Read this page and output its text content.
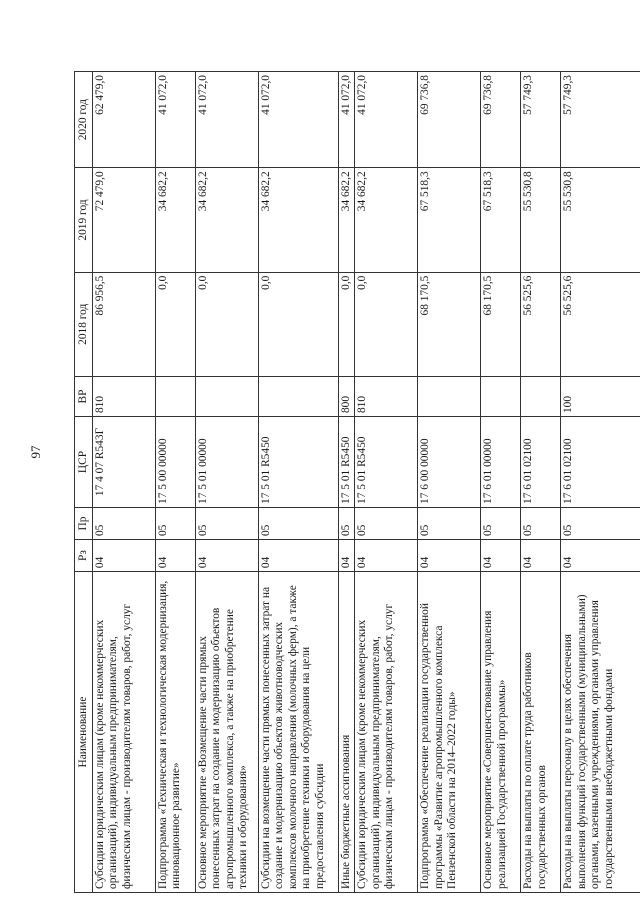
97
Наименование	Рз	Пр	ЦСР	ВР	2018 год	2019 год	2020 год
Субсидии юридическим лицам (кроме некоммерческих организаций), индивидуальным предпринимателям, физическим лицам - производителям товаров, работ, услуг	04	05	17 4 07 R543Г	810	86 956,5	72 479,0	62 479,0
Подпрограмма «Техническая и технологическая модернизация, инновационное развитие»	04	05	17 5 00 00000		0,0	34 682,2	41 072,0
Основное мероприятие «Возмещение части прямых понесенных затрат на создание и модернизацию объектов агропромышленного комплекса, а также на приобретение техники и оборудования»	04	05	17 5 01 00000		0,0	34 682,2	41 072,0
Субсидии на возмещение части прямых понесенных затрат на создание и модернизацию объектов животноводческих комплексов молочного направления (молочных ферм), а также на приобретение техники и оборудования на цели предоставления субсидии	04	05	17 5 01 R5450		0,0	34 682,2	41 072,0
Иные бюджетные ассигнования	04	05	17 5 01 R5450	800	0,0	34 682,2	41 072,0
Субсидии юридическим лицам (кроме некоммерческих организаций), индивидуальным предпринимателям, физическим лицам - производителям товаров, работ, услуг	04	05	17 5 01 R5450	810	0,0	34 682,2	41 072,0
Подпрограмма «Обеспечение реализации государственной программы «Развитие агропромышленного комплекса Пензенской области на 2014–2022 годы»	04	05	17 6 00 00000		68 170,5	67 518,3	69 736,8
Основное мероприятие «Совершенствование управления реализацией Государственной программы»	04	05	17 6 01 00000		68 170,5	67 518,3	69 736,8
Расходы на выплаты по оплате труда работников государственных органов	04	05	17 6 01 02100		56 525,6	55 530,8	57 749,3
Расходы на выплаты персоналу в целях обеспечения выполнения функций государственными (муниципальными) органами, казенными учреждениями, органами управления государственными внебюджетными фондами	04	05	17 6 01 02100	100	56 525,6	55 530,8	57 749,3
